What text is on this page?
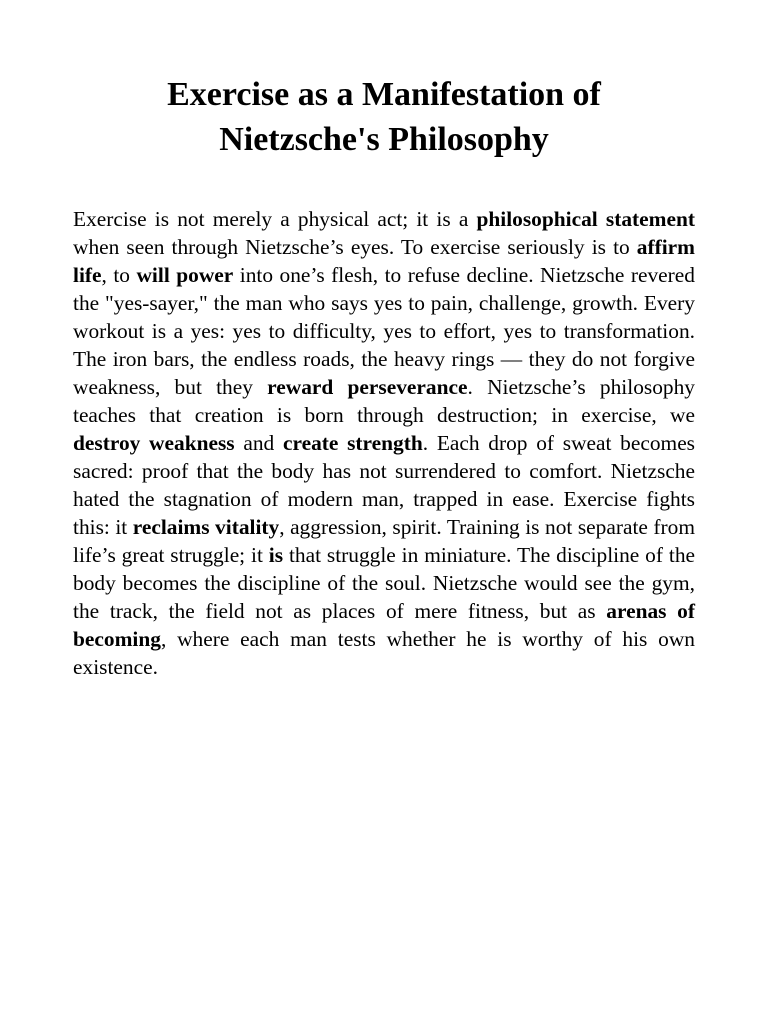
Exercise as a Manifestation of
Nietzsche's Philosophy

Exercise is not merely a physical act; it is a philosophical statement when seen through Nietzsche’s eyes. To exercise seriously is to affirm life, to will power into one’s flesh, to refuse decline. Nietzsche revered the "yes-sayer," the man who says yes to pain, challenge, growth. Every workout is a yes: yes to difficulty, yes to effort, yes to transformation. The iron bars, the endless roads, the heavy rings — they do not forgive weakness, but they reward perseverance. Nietzsche’s philosophy teaches that creation is born through destruction; in exercise, we destroy weakness and create strength. Each drop of sweat becomes sacred: proof that the body has not surrendered to comfort. Nietzsche hated the stagnation of modern man, trapped in ease. Exercise fights this: it reclaims vitality, aggression, spirit. Training is not separate from life’s great struggle; it is that struggle in miniature. The discipline of the body becomes the discipline of the soul. Nietzsche would see the gym, the track, the field not as places of mere fitness, but as arenas of becoming, where each man tests whether he is worthy of his own existence.
